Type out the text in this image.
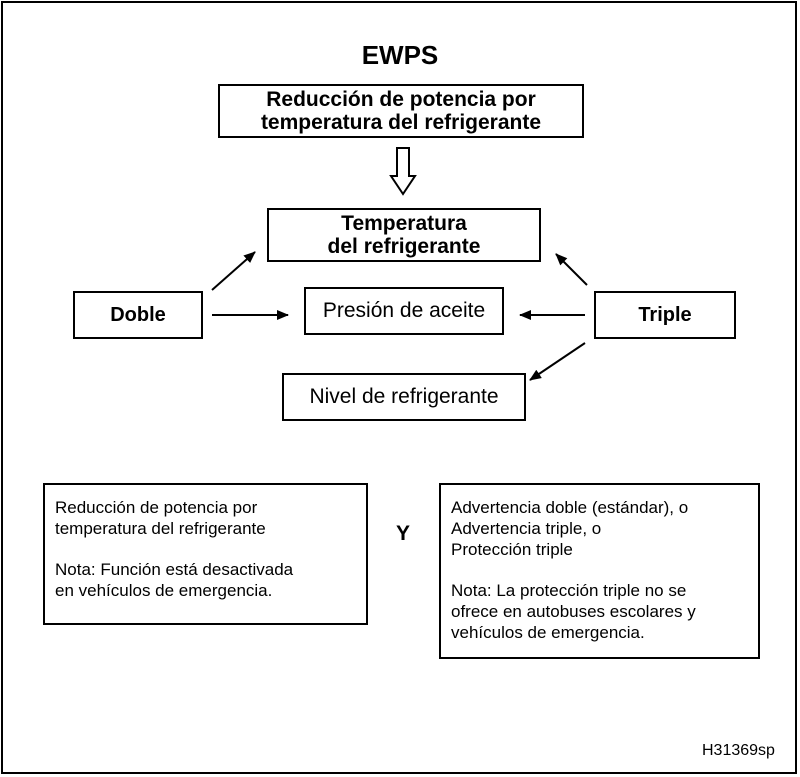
EWPS
Reducción de potencia por
temperatura del refrigerante
Temperatura
del refrigerante
Presión de aceite
Nivel de refrigerante
Doble	Triple

Reducción de potencia por

temperatura del refrigerante

Nota: Función está desactivada

en vehículos de emergencia.

Y

Advertencia doble (estándar), o

Advertencia triple, o

Protección triple

Nota: La protección triple no se

ofrece en autobuses escolares y

vehículos de emergencia.

H31369sp
